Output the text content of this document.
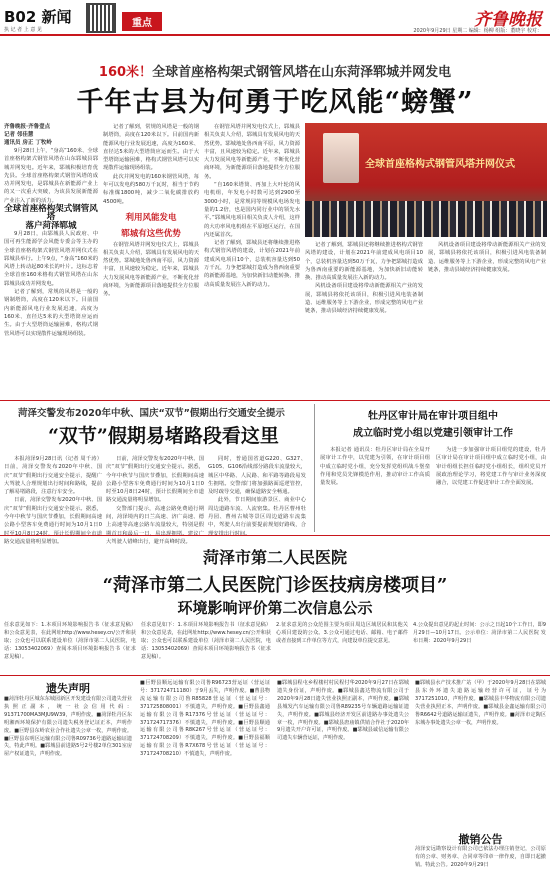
B02 新闻
执 记 者 上 意 见
重点	齐鲁晚报
2020年9月29日 星期二 编辑：杨柳 组版：董晓宇 校对：
160米！全球首座格构架式钢管风塔在山东菏泽郓城并网发电
千年古县为何勇于吃风能“螃蟹”
齐鲁晚报·齐鲁壹点
记者 邻佳慧
通讯员 房正 丁牧岭

9月28日上午，“身高”160米、全球首座格构架式钢管风塔在山东郓城县郓城并网发电。近年来，郓城积极培育优先县。全球首座格构架式钢管风塔的成功并网发电，是郓城县在新能源产业上的又一次重大突破，为该县发展新能源产业注入了新的活力。

全球首座格构架式钢管风塔
落户菏泽郓城

9月28日，由郓城县人民政府、中国可再生能源学会风能专委会等主办的全球首座格构架式钢管风塔并网仪式在郓城县举行。上午9点，“身高”160米的风塔上转动起80米长的叶片。这标志着全球首座160米格构式钢管风塔在山东郓城县成功并网发电。

记者了解到，常规的风塔是一般的钢制塔筒，高度在120米以下。目前国内新能源风电行业发展迅速，高度为160米、直径达5米的大型塔筒应运而生。由于大型塔筒运输困难，格构式钢管风塔可以实现散件运输现场组装。

记者了解到，常规的风塔是一般的钢制塔筒，高度在120米以下。目前国内新能源风电行业发展迅速，高度为160米、直径达5米的大型塔筒应运而生。由于大型塔筒运输困难，格构式钢管风塔可以实现散件运输现场组装。

此次并网发电的160米钢管风塔，每年可以发电约580万千瓦时，相当于节约标准煤1800吨，减少二氧化碳排放约4500吨。

利用风能发电
郓城有这些优势

在钢管风塔并网发电仪式上，郓城县相关负责人介绍，郓城具有发展风电的天然优势。郓城地处鲁西南平原，风力资源丰富，且风速较为稳定。近年来，郓城县大力发展风电等新能源产业，不断优化营商环境，为新能源项目落地提供全方位服务。

在钢管风塔并网发电仪式上，郓城县相关负责人介绍，郓城具有发展风电的天然优势。郓城地处鲁西南平原，风力资源丰富，且风速较为稳定。近年来，郓城县大力发展风电等新能源产业，不断优化营商环境，为新能源项目落地提供全方位服务。

“自160米塔筒、再加上大叶轮的风电机组，年发电小时数可达到2900至3000小时，是常规同等规模风电场发电量的1.2倍，也是国内同行业中的领先水平。”郓城风电项目相关负责人介绍，这样的大功率风电机组在平原地区运行，在国内还属首次。

记者了解到，郓城县还将继续推进格构式钢管风塔的建设，计划在2021年前建成风电项目10个，总装机容量达到50万千瓦，力争把郓城打造成为鲁西南重要的新能源基地，为加快新旧动能转换、推动高质量发展注入新的动力。

全球首座格构式钢管风塔并网仪式

记者了解到，郓城县还将继续推进格构式钢管风塔的建设，计划在2021年前建成风电项目10个，总装机容量达到50万千瓦，力争把郓城打造成为鲁西南重要的新能源基地，为加快新旧动能转换、推动高质量发展注入新的动力。

风机设备项目建设将带动新能源相关产业的发展，郓城县将依托该项目，积极引进风电装备制造、运维服务等上下游企业，形成完整的风电产业链条，推动县域经济持续健康发展。

风机设备项目建设将带动新能源相关产业的发展，郓城县将依托该项目，积极引进风电装备制造、运维服务等上下游企业，形成完整的风电产业链条，推动县域经济持续健康发展。

菏泽交警发布2020年中秋、国庆“双节”假期出行交通安全提示
“双节”假期易堵路段看这里

本报菏泽9月28日讯（记者 周千涛）日前，菏泽交警发布2020年中秋、国庆“双节”假期出行交通安全提示，提醒广大驾驶人合理规划出行时间和路线，提前了解易堵路段，注意行车安全。

日前，菏泽交警发布2020年中秋、国庆“双节”假期出行交通安全提示。据悉，今年中秋节与国庆节叠加，长假期间高速公路小型客车免费通行时间为10月1日0时至10月8日24时，预计长假期间全市道路交通流量将明显增加。

日前，菏泽交警发布2020年中秋、国庆“双节”假期出行交通安全提示。据悉，今年中秋节与国庆节叠加，长假期间高速公路小型客车免费通行时间为10月1日0时至10月8日24时，预计长假期间全市道路交通流量将明显增加。

交警部门提示，高速公路免费通行期间，菏泽境内的日兰高速、济广高速、德上高速等高速公路车流量较大，特别是假期首日和最后一日，易出现拥堵。建议广大驾驶人错峰出行，避开高峰时段。

同时，普通国省道G220、G327、G105、G106沿线部分路段车流量较大，城区中华路、人民路、和平路等路段易发生拥堵。交警部门将加强路面巡逻管控，及时疏导交通，确保道路安全畅通。

此外，节日期间旅游景区、商业中心周边道路车流、人流密集。牡丹区曹州牡丹园、曹州古城等景区周边道路车流集中，驾驶人出行前要提前规划好路线，合理安排出行时间。

牡丹区审计局在审计项目组中
成立临时党小组以党建引领审计工作

本报记者 通讯员：牡丹区审计局在全局开展审计工作中，以党建为引领，在审计项目组中成立临时党小组，充分发挥党组织战斗堡垒作用和党员先锋模范作用，推动审计工作高质量发展。

为进一步加强审计项目组党的建设，牡丹区审计局在审计项目组中成立临时党小组，由审计组组长担任临时党小组组长，组织党员开展政治理论学习，将党建工作与审计业务深度融合，以党建工作促进审计工作全面发展。

菏泽市第二人民医院
“菏泽市第二人民医院门诊医技病房楼项目”
环境影响评价第二次信息公示

任求意见如下：1.本项目环境影响报告书（征求意见稿）和公众意见表，在此网址http://www.hesey.cn/公开和获取；公众也可以联系建设单位（菏泽市第二人民医院，电话：13053402069）查阅本项目环境影响报告书（征求意见稿）。

任求意见如下：1.本项目环境影响报告书（征求意见稿）和公众意见表，在此网址http://www.hesey.cn/公开和获取；公众也可以联系建设单位（菏泽市第二人民医院，电话：13053402069）查阅本项目环境影响报告书（征求意见稿）。

2.征求意见的公众范围主要为项目周边区域居民和其他关心项目建设的公众。3.公众可通过电话、邮箱、电子邮件或者直接到工作单位等方式，向建设单位提交意见。

4.公众提出意见的起止时间：公示之日起10个工作日，即9月29日—10月17日。公示单位：菏泽市第二人民医院 发布日期：2020年9月29日

遗失声明

■菏泽牡丹区城东东城园新区开发建设有限公司遗失营业执照正副本，统一社会信用代码：91371700MA3MJU9W39，声明作废。■菏泽牡丹区东明湘西环境保护有限公司遗失税务登记证正本，声明作废。■巨野县东岭农业合作社遗失公章一枚，声明作废。■巨野县东明区运输有限公司鲁R09736号道路运输证遗失，特此声明。■郓城县前进路5号2号楼2单位301室房屋产权证遗失，声明作废。

■巨野县顺远运输有限公司鲁R96723营运证（营运证号：371724711180）于9月丢失，声明作废。■曹县物流运输有限公司鲁R85828营运证（营运证号：371725808001）不慎遗失，声明作废。■巨野县鑫通运输有限公司鲁R17376号营运证（营运证号：371724717376）不慎遗失，声明作废。■巨野县顺通运输有限公司鲁R8K267号营运证（营运证号：371724708209）不慎遗失，声明作废。■巨野县福顺运输有限公司鲁R7X678号营运证（营运证号：371724708210）不慎遗失，声明作废。

■郓城县程屯乡程楼村村民程付华2020年9月27日在郓城遗失身份证，声明作废。■郓城县鑫达物流有限公司于2020年9月28日遗失营业执照正副本，声明作废。■郓城县城发汽车运输有限公司鲁R89235号车辆道路运输证遗失，声明作废。■郓城县经济开发区前进路办事处遗失公章一枚，声明作废。■郓城县唐庙镇供销合作社于2020年9月遗失开户许可证，声明作废。■郓城县诚信运输有限公司遗失车辆营运证，声明作废。

■郓城县水产技术推广站（甲）于2020年9月28日在郓城县东外环遗失道路运输经营许可证，证号为3717251010，声明作废。■郓城县丰华物流有限公司遗失营业执照正本，声明作废。■郓城县金鑫运输有限公司鲁R6642号道路运输证遗失，声明作废。■菏泽市定陶区东城办事处遗失公章一枚，声明作废。

撤销公告

菏泽安远勘察设计有限公司已依法办理注销登记，公司原有的公章、财务章、合同章等印章一律作废，自即日起撤销。特此公告。2020年9月29日
